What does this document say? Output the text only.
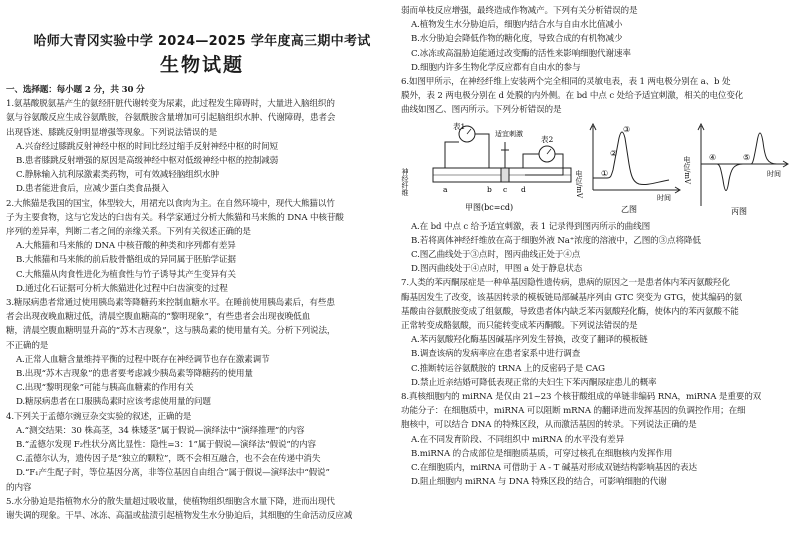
哈师大青冈实验中学 2024—2025 学年度高三期中考试
生物试题
一、选择题：每小题 2 分，共 30 分
1.氨基酸脱氨基产生的氨经肝脏代谢转变为尿素，此过程发生障碍时，大量进入脑组织的
氨与谷氨酸反应生成谷氨酰胺，谷氨酰胺含量增加可引起脑组织水肿、代谢障碍，患者会
出现昏迷、膝跳反射明显增强等现象。下列说法错误的是
A.兴奋经过膝跳反射神经中枢的时间比经过缩手反射神经中枢的时间短
B.患者膝跳反射增强的原因是高级神经中枢对低级神经中枢的控制减弱
C.静脉输入抗利尿激素类药物，可有效减轻脑组织水肿
D.患者能进食后，应减少蛋白类食品摄入
2.大熊猫是我国的国宝，体型较大，用裙充以食肉为主。在自然环境中，现代大熊猫以竹
子为主要食物，这与它发达的臼齿有关。科学家通过分析大熊猫和马来熊的 DNA 中核苷酸
序列的差异率，判断二者之间的亲缘关系。下列有关叙述正确的是
A.大熊猫和马来熊的 DNA 中核苷酸的种类和序列都有差异
B.大熊猫和马来熊的前后肢骨骼组成的异同属于胚胎学证据
C.大熊猫从肉食性进化为植食性与竹子诱导其产生变异有关
D.通过化石证据可分析大熊猫进化过程中臼齿演变的过程
3.糖尿病患者常通过使用胰岛素等降糖药来控制血糖水平。在睡前使用胰岛素后，有些患
者会出现夜晚血糖过低，清晨空腹血糖高的“黎明现象”，有些患者会出现夜晚低血
糖，清晨空腹血糖明显升高的“苏木吉现象”，这与胰岛素的使用量有关。分析下列说法，
不正确的是
A.正常人血糖含量维持平衡的过程中既存在神经调节也存在激素调节
B.出现“苏木吉现象”的患者要考虑减少胰岛素等降糖药的使用量
C.出现“黎明现象”可能与胰高血糖素的作用有关
D.糖尿病患者在口服胰岛素时应该考虑使用量的问题
4.下列关于孟德尔豌豆杂交实验的叙述，正确的是
A.“测交结果：30 株高茎，34 株矮茎”属于假说—演绎法中“演绎推理”的内容
B.“孟德尔发现 F₂性状分离比显性：隐性=3：1”属于假说—演绎法“假说”的内容
C.孟德尔认为，遗传因子是“独立的颗粒”，既不会相互融合，也不会在传递中消失
D.“F₁产生配子时，等位基因分离，非等位基因自由组合”属于假说—演绎法中“假说”
的内容
5.水分胁迫是指植物水分的散失量超过吸收量，使植物组织细胞含水量下降，进而出现代
谢失调的现象。干旱、冰冻、高温或盐渍引起植物发生水分胁迫后，其细胞的生命活动反应减
弱而单枝反应增强，最终造成作物减产。下列有关分析错误的是
A.植物发生水分胁迫后，细胞内结合水与自由水比值减小
B.水分胁迫会降低作物的糖化度，导致合成的有机物减少
C.冰冻或高温胁迫能通过改变酶的活性来影响细胞代谢速率
D.细胞内许多生物化学反应都有自由水的参与
6.如图甲所示，在神经纤维上安装两个完全相同的灵敏电表，表 1 两电极分别在 a、b 处
膜外，表 2 两电极分别在 d 处膜的内外侧。在 bd 中点 c 处给予适宜刺激，相关的电位变化
曲线如图乙、图丙所示。下列分析错误的是
表1
表2
适宜刺激
神经纤维	a	b c d
甲图(bc=cd)
电位/mV	时间
①
②
③
乙图
电位/mV	时间
④	⑤
丙图
A.在 bd 中点 c 给予适宜刺激，表 1 记录得到图丙所示的曲线图
B.若将离体神经纤维放在高于细胞外液 Na⁺浓度的溶液中，乙图的③点将降低
C.图乙曲线处于③点时，图丙曲线正处于④点
D.图丙曲线处于④点时，甲图 a 处于静息状态
7.人类的苯丙酮尿症是一种单基因隐性遗传病，患病的原因之一是患者体内苯丙氨酸羟化
酶基因发生了改变，该基因转录的模板链局部碱基序列由 GTC 突变为 GTG，使其编码的氨
基酸由谷氨酰胺变成了组氨酸，导致患者体内缺乏苯丙氨酸羟化酶，使体内的苯丙氨酸不能
正常转变成酪氨酸，而只能转变成苯丙酮酸。下列说法错误的是
A.苯丙氨酸羟化酶基因碱基序列发生替换，改变了翻译的模板链
B.调查该病的发病率应在患者家系中进行调查
C.推断转运谷氨酰胺的 tRNA 上的反密码子是 CAG
D.禁止近亲结婚可降低表现正常的夫妇生下苯丙酮尿症患儿的概率
8.真核细胞内的 miRNA 是仅由 21~23 个核苷酸组成的单链非编码 RNA，miRNA 是重要的双
功能分子：在细胞质中，miRNA 可以阻断 mRNA 的翻译进而发挥基因的负调控作用；在细
胞核中，可以结合 DNA 的特殊区段，从而激活基因的转录。下列说法正确的是
A.在不同发育阶段、不同组织中 miRNA 的水平没有差异
B.miRNA 的合成部位是细胞质基质，可穿过核孔在细胞核内发挥作用
C.在细胞质内，miRNA 可借助于 A - T 碱基对形成双链结构影响基因的表达
D.阻止细胞内 miRNA 与 DNA 特殊区段的结合，可影响细胞的代谢
